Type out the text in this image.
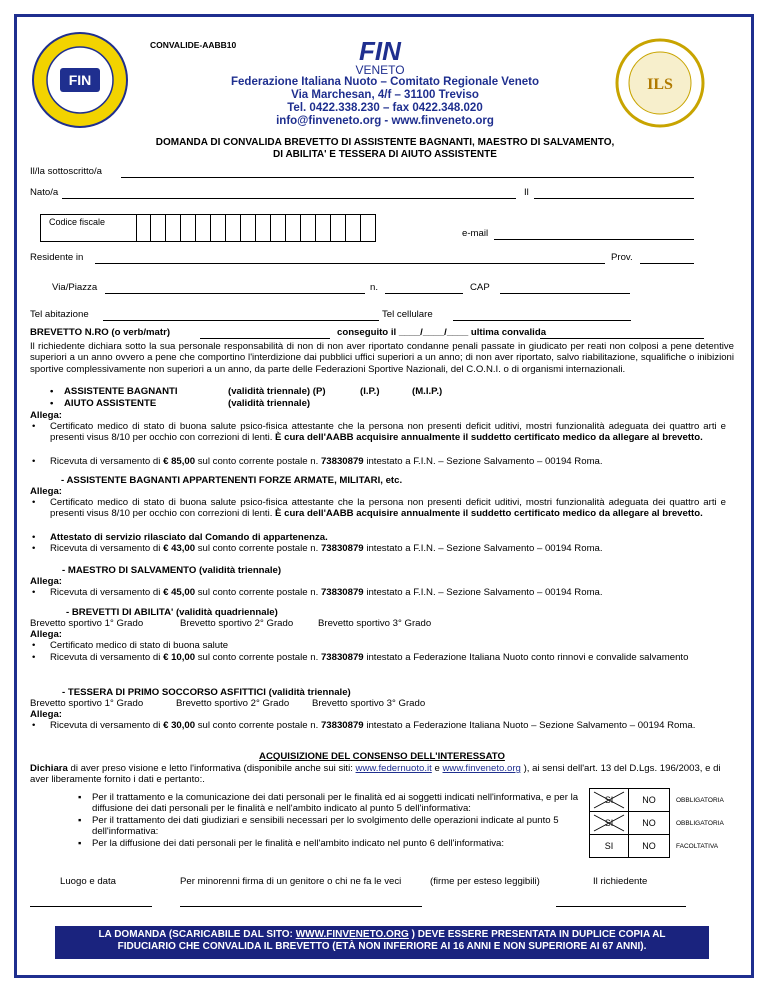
FIN	ILS
CONVALIDE-AABB10	FIN
VENETO
Federazione Italiana Nuoto – Comitato Regionale Veneto
Via Marchesan, 4/f – 31100 Treviso
Tel. 0422.338.230 – fax 0422.348.020
info@finveneto.org - www.finveneto.org
DOMANDA DI CONVALIDA BREVETTO DI ASSISTENTE BAGNANTI, MAESTRO DI SALVAMENTO,
DI ABILITA' E TESSERA DI AIUTO ASSISTENTE
Il/la sottoscritto/a
Nato/a	Il
Codice fiscale
e-mail
Residente in	Prov.
Via/Piazza	n.	CAP
Tel abitazione	Tel cellulare
BREVETTO N.RO (o verb/matr)	conseguito il ____/____/____ ultima convalida
Il richiedente dichiara sotto la sua personale responsabilità di non di non aver riportato condanne penali passate in giudicato per reati non colposi a pene detentive superiori a un anno ovvero a pene che comportino l'interdizione dai pubblici uffici superiori a un anno; di non aver riportato, salvo riabilitazione, squalifiche o inibizioni sportive complessivamente non superiori a un anno, da parte delle Federazioni Sportive Nazionali, del C.O.N.I. o di organismi internazionali.
• ASSISTENTE BAGNANTI	(validità triennale) (P)	(I.P.)	(M.I.P.)
• AIUTO ASSISTENTE	(validità triennale)
Allega:
• Certificato medico di stato di buona salute psico-fisica attestante che la persona non presenti deficit uditivi, mostri funzionalità adeguata dei quattro arti e presenti visus 8/10 per occhio con correzioni di lenti. È cura dell'AABB acquisire annualmente il suddetto certificato medico da allegare al brevetto.
• Ricevuta di versamento di € 85,00 sul conto corrente postale n. 73830879 intestato a F.I.N. – Sezione Salvamento – 00194 Roma.
- ASSISTENTE BAGNANTI APPARTENENTI FORZE ARMATE, MILITARI, etc.
Allega:
• Certificato medico di stato di buona salute psico-fisica attestante che la persona non presenti deficit uditivi, mostri funzionalità adeguata dei quattro arti e presenti visus 8/10 per occhio con correzioni di lenti. È cura dell'AABB acquisire annualmente il suddetto certificato medico da allegare al brevetto.
• Attestato di servizio rilasciato dal Comando di appartenenza.
• Ricevuta di versamento di € 43,00 sul conto corrente postale n. 73830879 intestato a F.I.N. – Sezione Salvamento – 00194 Roma.
- MAESTRO DI SALVAMENTO (validità triennale)
Allega:
• Ricevuta di versamento di € 45,00 sul conto corrente postale n. 73830879 intestato a F.I.N. – Sezione Salvamento – 00194 Roma.
- BREVETTI DI ABILITA' (validità quadriennale)
Brevetto sportivo 1° Grado	Brevetto sportivo 2° Grado	Brevetto sportivo 3° Grado
Allega:
• Certificato medico di stato di buona salute
• Ricevuta di versamento di € 10,00 sul conto corrente postale n. 73830879 intestato a Federazione Italiana Nuoto conto rinnovi e convalide salvamento
- TESSERA DI PRIMO SOCCORSO ASFITTICI (validità triennale)
Brevetto sportivo 1° Grado	Brevetto sportivo 2° Grado Brevetto sportivo 3° Grado
Allega:
• Ricevuta di versamento di € 30,00 sul conto corrente postale n. 73830879 intestato a Federazione Italiana Nuoto – Sezione Salvamento – 00194 Roma.
ACQUISIZIONE DEL CONSENSO DELL'INTERESSATO
Dichiara di aver preso visione e letto l'informativa (disponibile anche sui siti: www.federnuoto.it e www.finveneto.org ), ai sensi dell'art. 13 del D.Lgs. 196/2003, e di aver liberamente fornito i dati e pertanto:.
▪ Per il trattamento e la comunicazione dei dati personali per le finalità ed ai soggetti indicati nell'informativa, e per la diffusione dei dati personali per le finalità e nell'ambito indicato al punto 5 dell'informativa:
▪ Per il trattamento dei dati giudiziari e sensibili necessari per lo svolgimento delle operazioni indicate al punto 5 dell'informativa:
▪ Per la diffusione dei dati personali per le finalità e nell'ambito indicato nel punto 6 dell'informativa:
SI	NO	OBBLIGATORIA

SI	NO	OBBLIGATORIA
SI	NO	FACOLTATIVA
Luogo e data	Per minorenni firma di un genitore o chi ne fa le veci	(firme per esteso leggibili)	Il richiedente
LA DOMANDA (SCARICABILE DAL SITO: WWW.FINVENETO.ORG ) DEVE ESSERE PRESENTATA IN DUPLICE COPIA AL
FIDUCIARIO CHE CONVALIDA IL BREVETTO (ETÀ NON INFERIORE AI 16 ANNI E NON SUPERIORE AI 67 ANNI).
